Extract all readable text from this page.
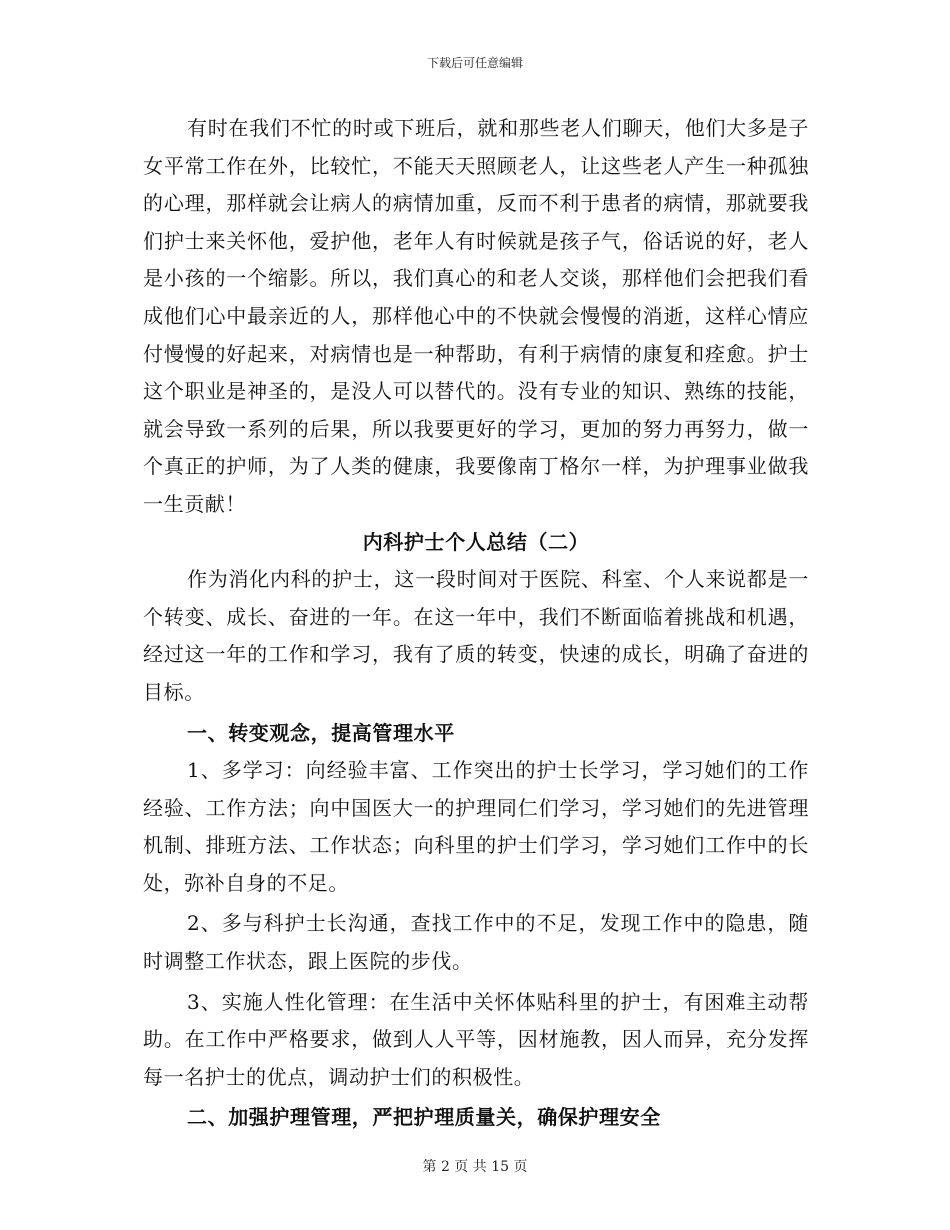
下载后可任意编辑

有时在我们不忙的时或下班后，就和那些老人们聊天，他们大多是子女平常工作在外，比较忙，不能天天照顾老人，让这些老人产生一种孤独的心理，那样就会让病人的病情加重，反而不利于患者的病情，那就要我们护士来关怀他，爱护他，老年人有时候就是孩子气，俗话说的好，老人是小孩的一个缩影。所以，我们真心的和老人交谈，那样他们会把我们看成他们心中最亲近的人，那样他心中的不快就会慢慢的消逝，这样心情应付慢慢的好起来，对病情也是一种帮助，有利于病情的康复和痊愈。护士这个职业是神圣的，是没人可以替代的。没有专业的知识、熟练的技能，就会导致一系列的后果，所以我要更好的学习，更加的努力再努力，做一个真正的护师，为了人类的健康，我要像南丁格尔一样，为护理事业做我一生贡献！

内科护士个人总结（二）

作为消化内科的护士，这一段时间对于医院、科室、个人来说都是一个转变、成长、奋进的一年。在这一年中，我们不断面临着挑战和机遇，经过这一年的工作和学习，我有了质的转变，快速的成长，明确了奋进的目标。

一、转变观念，提高管理水平

1、多学习：向经验丰富、工作突出的护士长学习，学习她们的工作经验、工作方法；向中国医大一的护理同仁们学习，学习她们的先进管理机制、排班方法、工作状态；向科里的护士们学习，学习她们工作中的长处，弥补自身的不足。

2、多与科护士长沟通，查找工作中的不足，发现工作中的隐患，随时调整工作状态，跟上医院的步伐。

3、实施人性化管理：在生活中关怀体贴科里的护士，有困难主动帮助。在工作中严格要求，做到人人平等，因材施教，因人而异，充分发挥每一名护士的优点，调动护士们的积极性。

二、加强护理管理，严把护理质量关，确保护理安全

第 2 页 共 15 页
